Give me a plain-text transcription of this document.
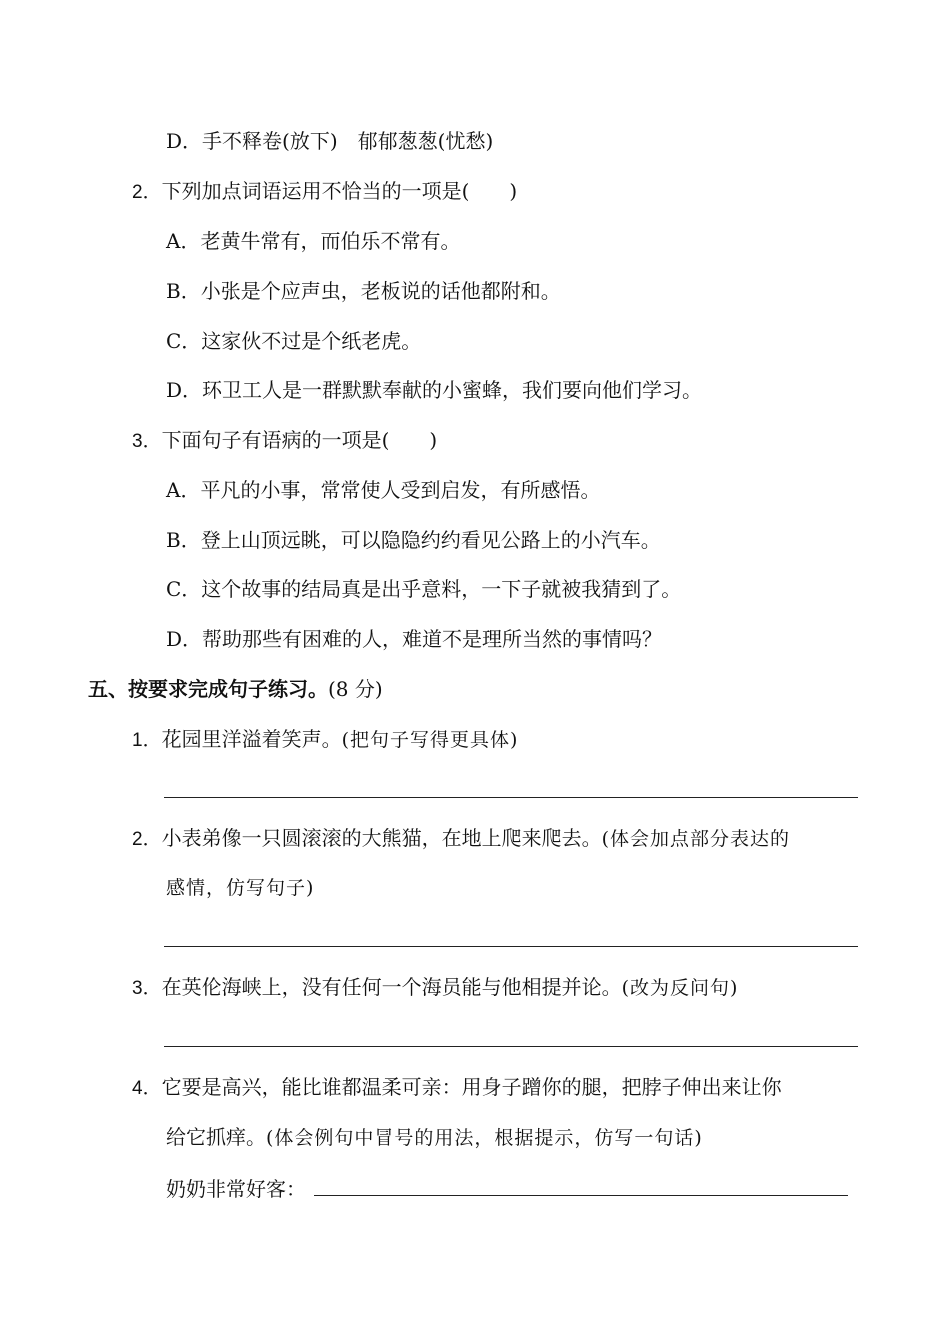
D．手不释卷(放下)　郁郁葱葱(忧愁)
2．下列加点词语运用不恰当的一项是(　　)
A．老黄牛常有，而伯乐不常有。
B．小张是个应声虫，老板说的话他都附和。
C．这家伙不过是个纸老虎。
D．环卫工人是一群默默奉献的小蜜蜂，我们要向他们学习。
3．下面句子有语病的一项是(　　)
A．平凡的小事，常常使人受到启发，有所感悟。
B．登上山顶远眺，可以隐隐约约看见公路上的小汽车。
C．这个故事的结局真是出乎意料，一下子就被我猜到了。
D．帮助那些有困难的人，难道不是理所当然的事情吗？
五、按要求完成句子练习。(8 分)
1．花园里洋溢着笑声。(把句子写得更具体)
2．小表弟像一只圆滚滚的大熊猫，在地上爬来爬去。(体会加点部分表达的
感情，仿写句子)
3．在英伦海峡上，没有任何一个海员能与他相提并论。(改为反问句)
4．它要是高兴，能比谁都温柔可亲：用身子蹭你的腿，把脖子伸出来让你
给它抓痒。(体会例句中冒号的用法，根据提示，仿写一句话)
奶奶非常好客：
